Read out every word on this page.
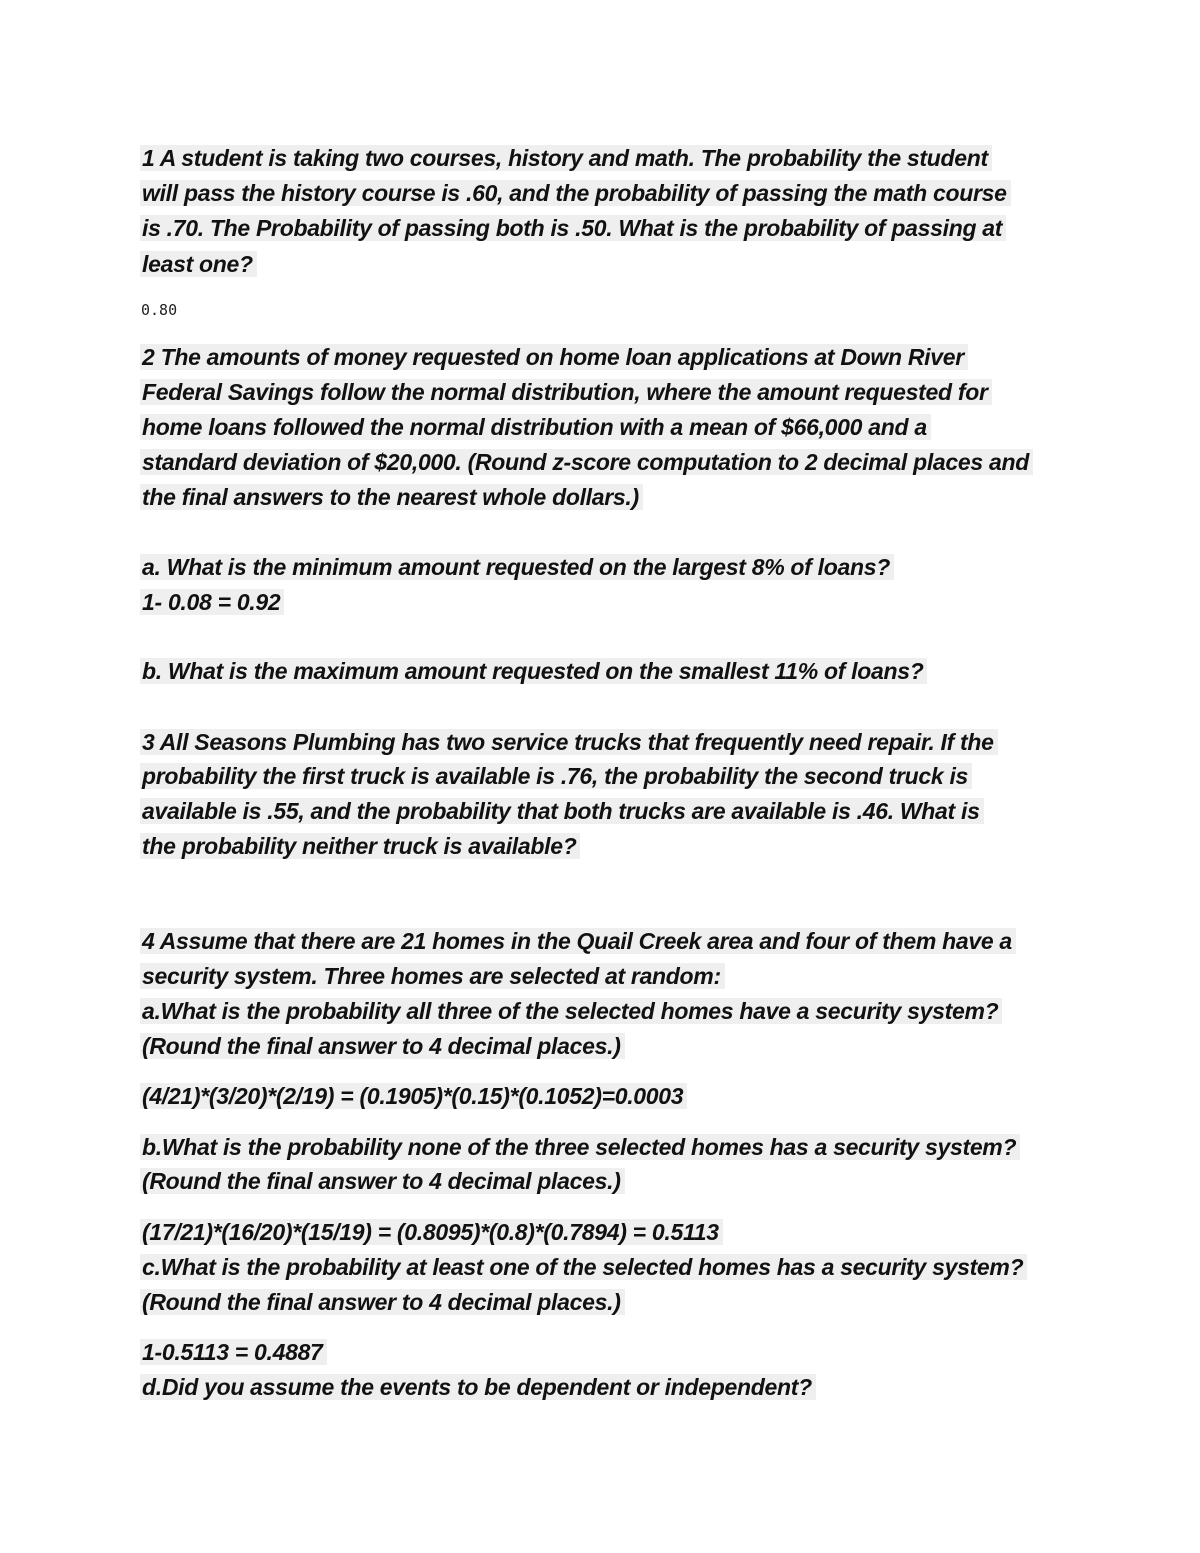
1 A student is taking two courses, history and math. The probability the student

will pass the history course is .60, and the probability of passing the math course

is .70. The Probability of passing both is .50. What is the probability of passing at

least one?

0.80

2 The amounts of money requested on home loan applications at Down River

Federal Savings follow the normal distribution, where the amount requested for

home loans followed the normal distribution with a mean of $66,000 and a

standard deviation of $20,000. (Round z-score computation to 2 decimal places and

the final answers to the nearest whole dollars.)

a. What is the minimum amount requested on the largest 8% of loans?

1- 0.08 = 0.92

b. What is the maximum amount requested on the smallest 11% of loans?

3 All Seasons Plumbing has two service trucks that frequently need repair. If the

probability the first truck is available is .76, the probability the second truck is

available is .55, and the probability that both trucks are available is .46. What is

the probability neither truck is available?

4 Assume that there are 21 homes in the Quail Creek area and four of them have a

security system. Three homes are selected at random:

a.What is the probability all three of the selected homes have a security system?

(Round the final answer to 4 decimal places.)

(4/21)*(3/20)*(2/19) = (0.1905)*(0.15)*(0.1052)=0.0003

b.What is the probability none of the three selected homes has a security system?

(Round the final answer to 4 decimal places.)

(17/21)*(16/20)*(15/19) = (0.8095)*(0.8)*(0.7894) = 0.5113

c.What is the probability at least one of the selected homes has a security system?

(Round the final answer to 4 decimal places.)

1-0.5113 = 0.4887

d.Did you assume the events to be dependent or independent?
